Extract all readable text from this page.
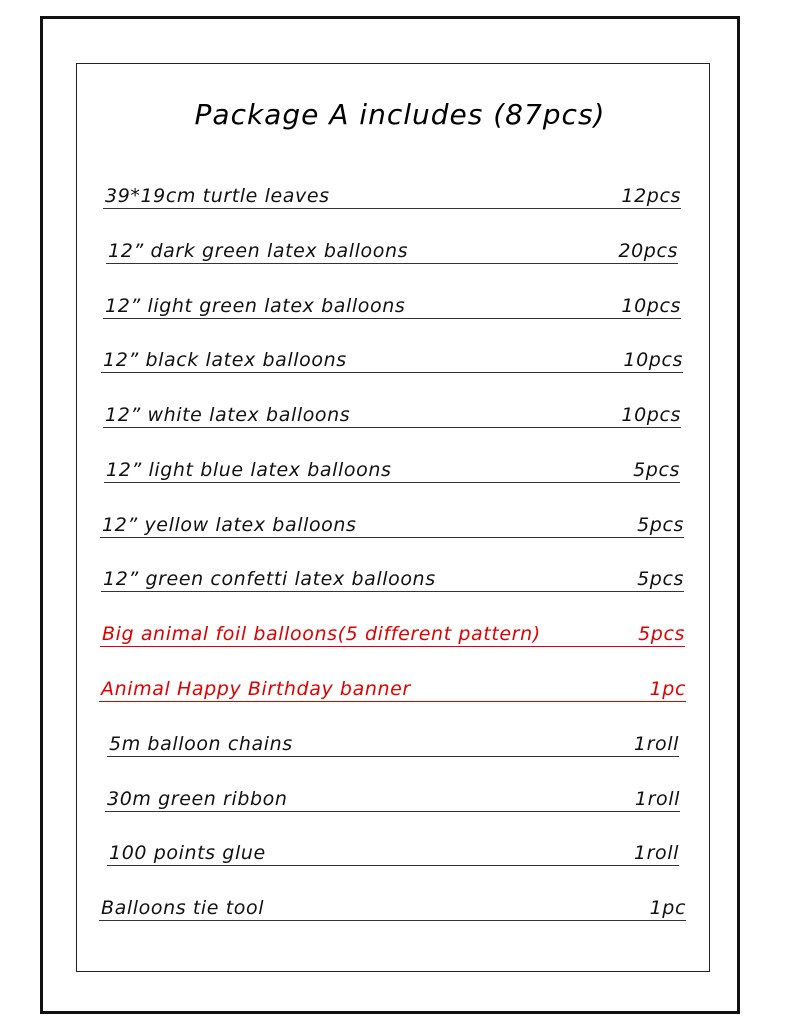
Package A includes (87pcs)
39*19cm turtle leaves	12pcs
12” dark green latex balloons	20pcs
12” light green latex balloons	10pcs
12” black latex balloons	10pcs
12” white latex balloons	10pcs
12” light blue latex balloons	5pcs
12” yellow latex balloons	5pcs
12” green confetti latex balloons	5pcs
Big animal foil balloons(5 different pattern)	5pcs
Animal Happy Birthday banner	1pc
5m balloon chains	1roll
30m green ribbon	1roll
100 points glue	1roll
Balloons tie tool	1pc
